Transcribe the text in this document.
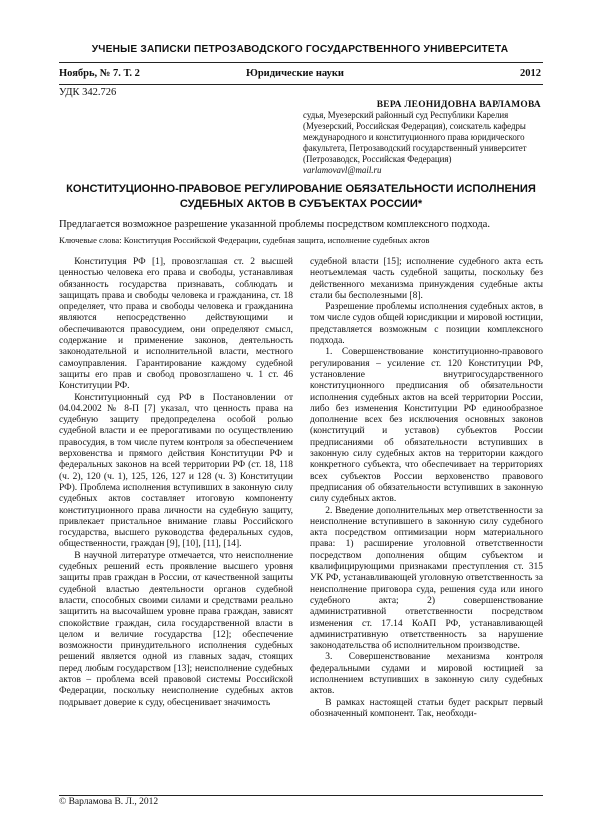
УЧЕНЫЕ ЗАПИСКИ ПЕТРОЗАВОДСКОГО ГОСУДАРСТВЕННОГО УНИВЕРСИТЕТА
Ноябрь, № 7. Т. 2	Юридические науки	2012
УДК 342.726
ВЕРА ЛЕОНИДОВНА ВАРЛАМОВА
судья, Муезерский районный суд Республики Карелия (Муезерский, Российская Федерация), соискатель кафедры международного и конституционного права юридического факультета, Петрозаводский государственный университет (Петрозаводск, Российская Федерация)
varlamovavl@mail.ru
КОНСТИТУЦИОННО-ПРАВОВОЕ РЕГУЛИРОВАНИЕ ОБЯЗАТЕЛЬНОСТИ ИСПОЛНЕНИЯ СУДЕБНЫХ АКТОВ В СУБЪЕКТАХ РОССИИ*
Предлагается возможное разрешение указанной проблемы посредством комплексного подхода.
Ключевые слова: Конституция Российской Федерации, судебная защита, исполнение судебных актов

Конституция РФ [1], провозглашая ст. 2 высшей ценностью человека его права и свободы, устанавливая обязанность государства признавать, соблюдать и защищать права и свободы человека и гражданина, ст. 18 определяет, что права и свободы человека и гражданина являются непосредственно действующими и обеспечиваются правосудием, они определяют смысл, содержание и применение законов, деятельность законодательной и исполнительной власти, местного самоуправления. Гарантирование каждому судебной защиты его прав и свобод провозглашено ч. 1 ст. 46 Конституции РФ.

Конституционный суд РФ в Постановлении от 04.04.2002 № 8-П [7] указал, что ценность права на судебную защиту предопределена особой ролью судебной власти и ее прерогативами по осуществлению правосудия, в том числе путем контроля за обеспечением верховенства и прямого действия Конституции РФ и федеральных законов на всей территории РФ (ст. 18, 118 (ч. 2), 120 (ч. 1), 125, 126, 127 и 128 (ч. 3) Конституции РФ). Проблема исполнения вступивших в законную силу судебных актов составляет итоговую компоненту конституционного права личности на судебную защиту, привлекает пристальное внимание главы Российского государства, высшего руководства федеральных судов, общественности, граждан [9], [10], [11], [14].

В научной литературе отмечается, что неисполнение судебных решений есть проявление высшего уровня защиты прав граждан в России, от качественной защиты судебной властью деятельности органов судебной власти, способных своими силами и средствами реально защитить на высочайшем уровне права граждан, зависят спокойствие граждан, сила государственной власти в целом и величие государства [12]; обеспечение возможности принудительного исполнения судебных решений является одной из главных задач, стоящих перед любым государством [13]; неисполнение судебных актов – проблема всей правовой системы Российской Федерации, поскольку неисполнение судебных актов подрывает доверие к суду, обесценивает значимость

судебной власти [15]; исполнение судебного акта есть неотъемлемая часть судебной защиты, поскольку без действенного механизма принуждения судебные акты стали бы бесполезными [8].

Разрешение проблемы исполнения судебных актов, в том числе судов общей юрисдикции и мировой юстиции, представляется возможным с позиции комплексного подхода.

1. Совершенствование конституционно-правового регулирования – усиление ст. 120 Конституции РФ, установление внутригосударственного конституционного предписания об обязательности исполнения судебных актов на всей территории России, либо без изменения Конституции РФ единообразное дополнение всех без исключения основных законов (конституций и уставов) субъектов России предписаниями об обязательности вступивших в законную силу судебных актов на территории каждого конкретного субъекта, что обеспечивает на территориях всех субъектов России верховенство правового предписания об обязательности вступивших в законную силу судебных актов.

2. Введение дополнительных мер ответственности за неисполнение вступившего в законную силу судебного акта посредством оптимизации норм материального права: 1) расширение уголовной ответственности посредством дополнения общим субъектом и квалифицирующими признаками преступления ст. 315 УК РФ, устанавливающей уголовную ответственность за неисполнение приговора суда, решения суда или иного судебного акта; 2) совершенствование административной ответственности посредством изменения ст. 17.14 КоАП РФ, устанавливающей административную ответственность за нарушение законодательства об исполнительном производстве.

3. Совершенствование механизма контроля федеральными судами и мировой юстицией за исполнением вступивших в законную силу судебных актов.

В рамках настоящей статьи будет раскрыт первый обозначенный компонент. Так, необходи-

© Варламова В. Л., 2012
